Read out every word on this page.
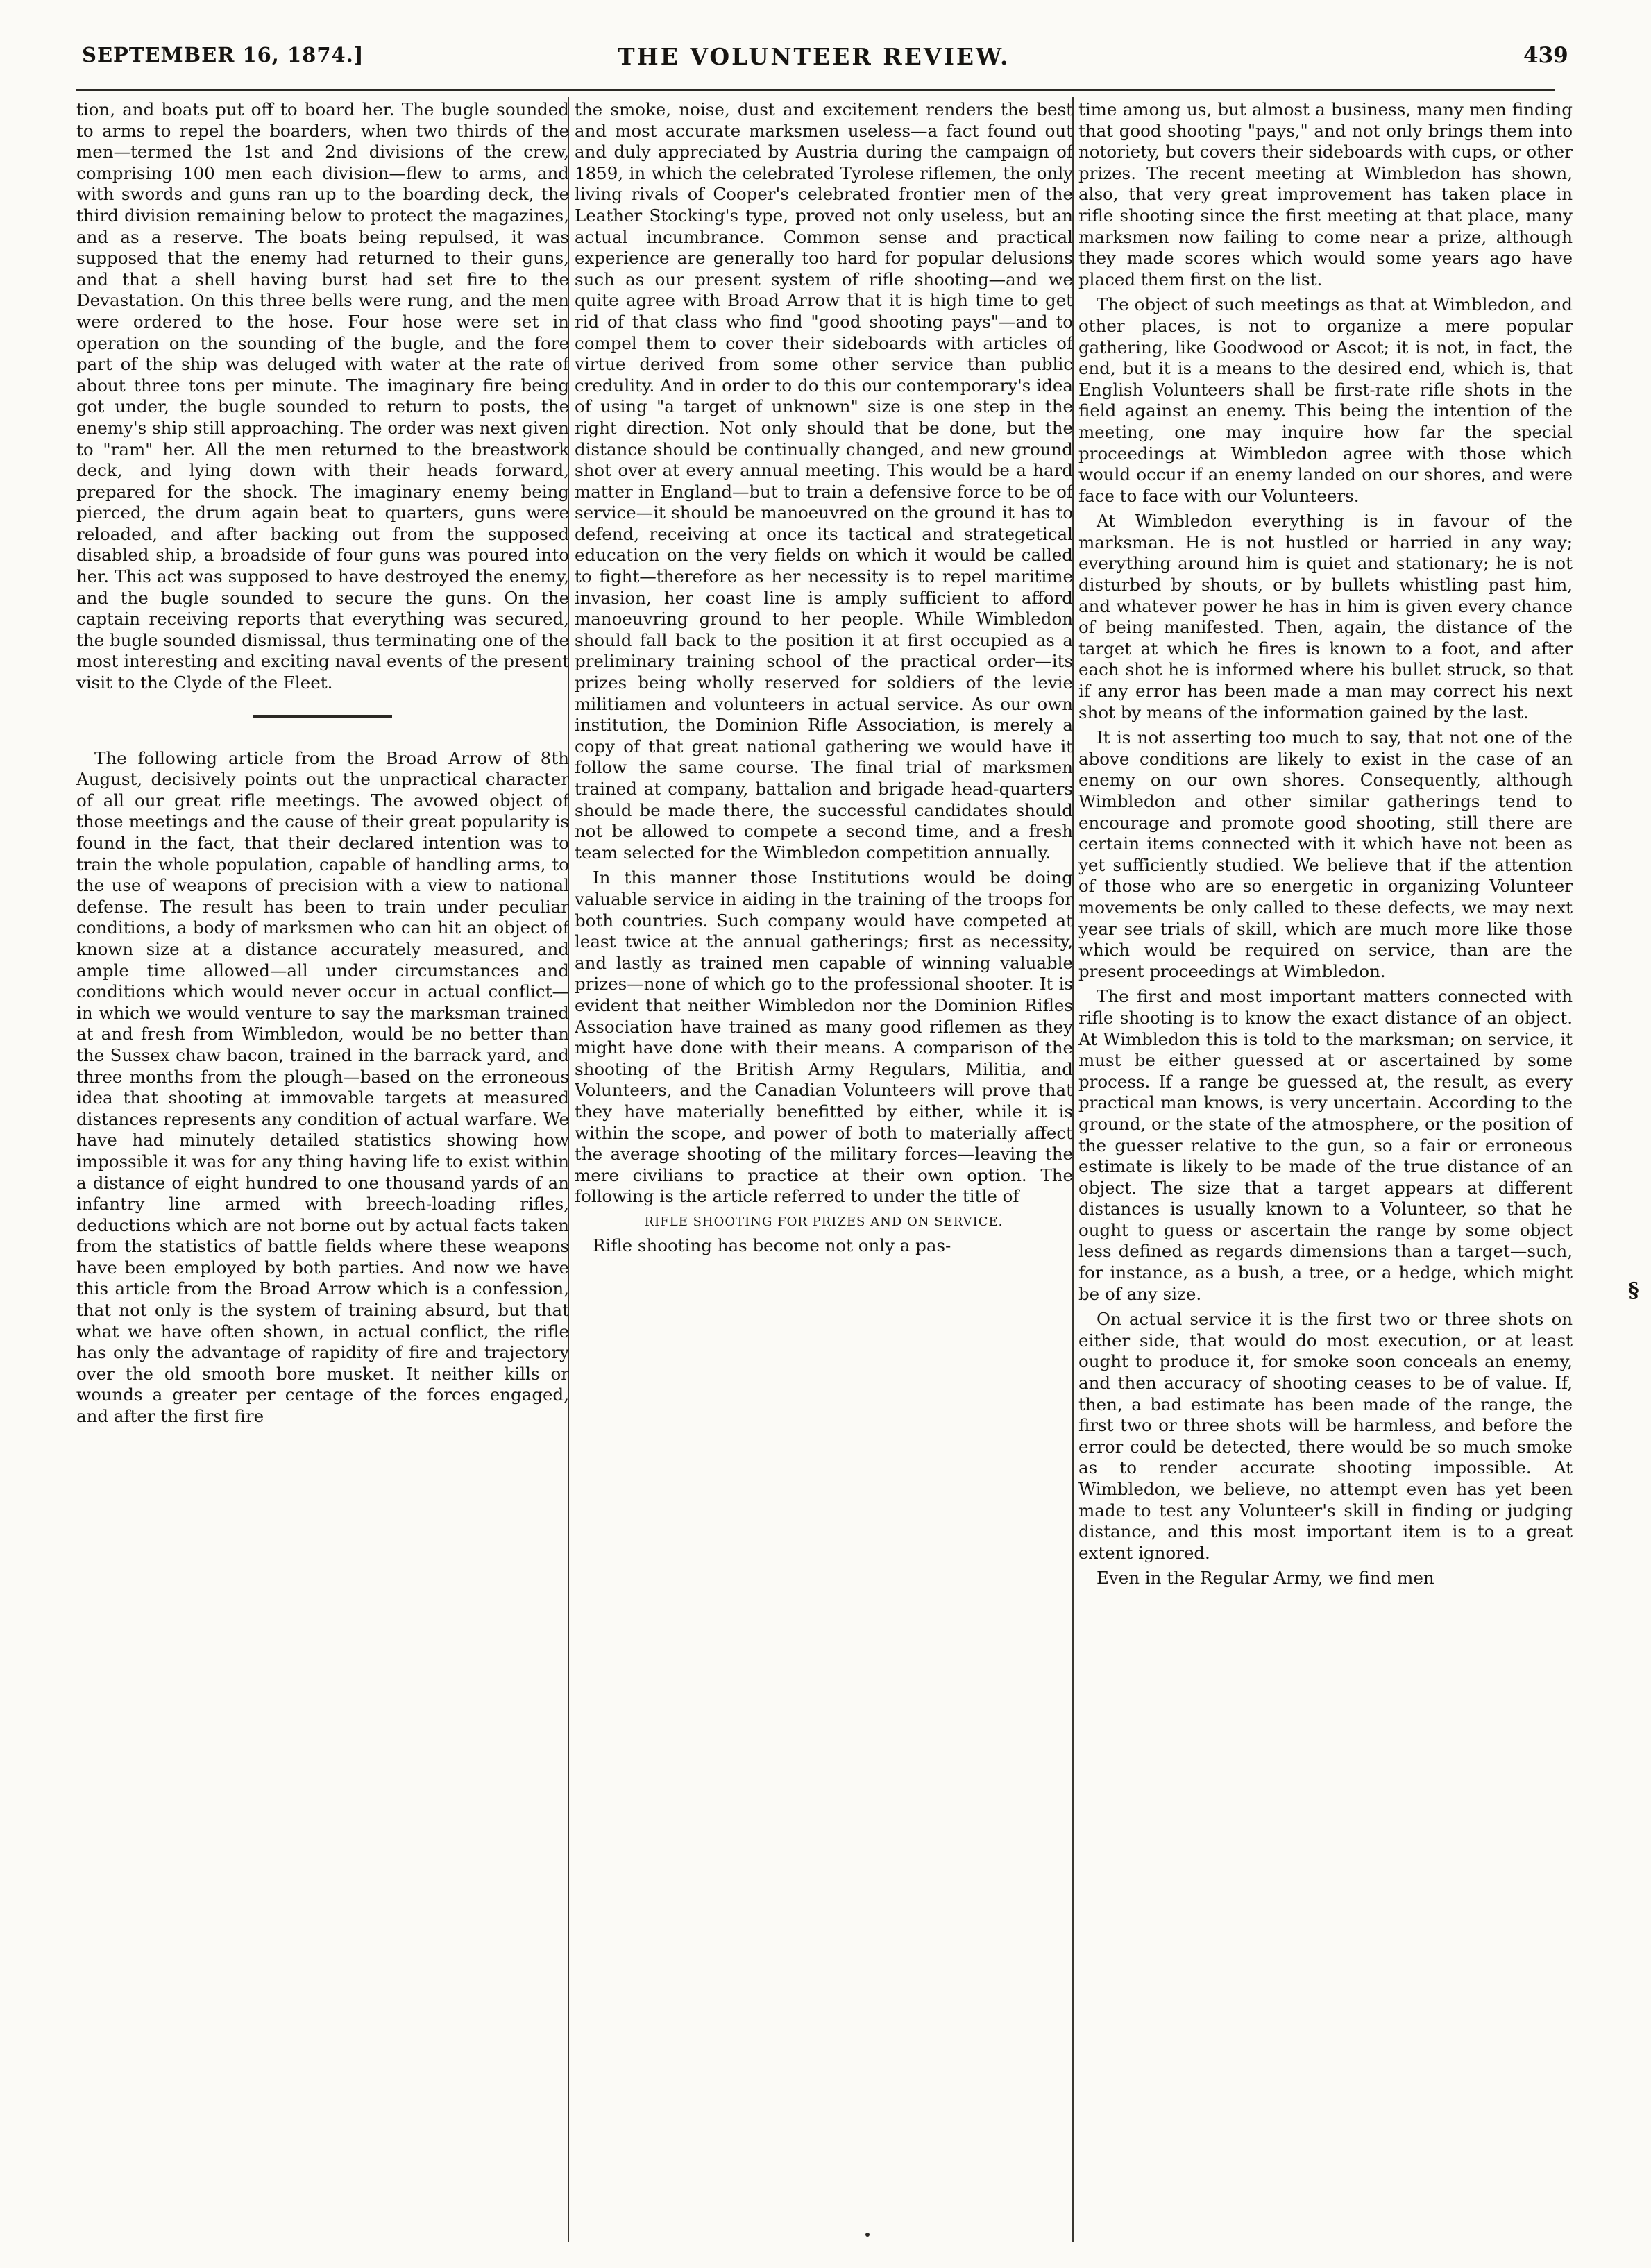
SEPTEMBER 16, 1874.]	THE VOLUNTEER REVIEW.	439

tion, and boats put off to board her. The bugle sounded to arms to repel the boarders, when two thirds of the men—termed the 1st and 2nd divisions of the crew, comprising 100 men each division—flew to arms, and with swords and guns ran up to the boarding deck, the third division remaining below to protect the magazines, and as a reserve. The boats being repulsed, it was supposed that the enemy had returned to their guns, and that a shell having burst had set fire to the Devastation. On this three bells were rung, and the men were ordered to the hose. Four hose were set in operation on the sounding of the bugle, and the fore part of the ship was deluged with water at the rate of about three tons per minute. The imaginary fire being got under, the bugle sounded to return to posts, the enemy's ship still approaching. The order was next given to "ram" her. All the men returned to the breastwork deck, and lying down with their heads forward, prepared for the shock. The imaginary enemy being pierced, the drum again beat to quarters, guns were reloaded, and after backing out from the supposed disabled ship, a broadside of four guns was poured into her. This act was supposed to have destroyed the enemy, and the bugle sounded to secure the guns. On the captain receiving reports that everything was secured, the bugle sounded dismissal, thus terminating one of the most interesting and exciting naval events of the present visit to the Clyde of the Fleet.

The following article from the Broad Arrow of 8th August, decisively points out the unpractical character of all our great rifle meetings. The avowed object of those meetings and the cause of their great popularity is found in the fact, that their declared intention was to train the whole population, capable of handling arms, to the use of weapons of precision with a view to national defense. The result has been to train under peculiar conditions, a body of marksmen who can hit an object of known size at a distance accurately measured, and ample time allowed—all under circumstances and conditions which would never occur in actual conflict—in which we would venture to say the marksman trained at and fresh from Wimbledon, would be no better than the Sussex chaw bacon, trained in the barrack yard, and three months from the plough—based on the erroneous idea that shooting at immovable targets at measured distances represents any condition of actual warfare. We have had minutely detailed statistics showing how impossible it was for any thing having life to exist within a distance of eight hundred to one thousand yards of an infantry line armed with breech-loading rifles, deductions which are not borne out by actual facts taken from the statistics of battle fields where these weapons have been employed by both parties. And now we have this article from the Broad Arrow which is a confession, that not only is the system of training absurd, but that what we have often shown, in actual conflict, the rifle has only the advantage of rapidity of fire and trajectory over the old smooth bore musket. It neither kills or wounds a greater per centage of the forces engaged, and after the first fire

the smoke, noise, dust and excitement renders the best and most accurate marksmen useless—a fact found out and duly appreciated by Austria during the campaign of 1859, in which the celebrated Tyrolese riflemen, the only living rivals of Cooper's celebrated frontier men of the Leather Stocking's type, proved not only useless, but an actual incumbrance. Common sense and practical experience are generally too hard for popular delusions such as our present system of rifle shooting—and we quite agree with Broad Arrow that it is high time to get rid of that class who find "good shooting pays"—and to compel them to cover their sideboards with articles of virtue derived from some other service than public credulity. And in order to do this our contemporary's idea of using "a target of unknown" size is one step in the right direction. Not only should that be done, but the distance should be continually changed, and new ground shot over at every annual meeting. This would be a hard matter in England—but to train a defensive force to be of service—it should be manoeuvred on the ground it has to defend, receiving at once its tactical and strategetical education on the very fields on which it would be called to fight—therefore as her necessity is to repel maritime invasion, her coast line is amply sufficient to afford manoeuvring ground to her people. While Wimbledon should fall back to the position it at first occupied as a preliminary training school of the practical order—its prizes being wholly reserved for soldiers of the levie militiamen and volunteers in actual service. As our own institution, the Dominion Rifle Association, is merely a copy of that great national gathering we would have it follow the same course. The final trial of marksmen trained at company, battalion and brigade head-quarters should be made there, the successful candidates should not be allowed to compete a second time, and a fresh team selected for the Wimbledon competition annually.

In this manner those Institutions would be doing valuable service in aiding in the training of the troops for both countries. Such company would have competed at least twice at the annual gatherings; first as necessity, and lastly as trained men capable of winning valuable prizes—none of which go to the professional shooter. It is evident that neither Wimbledon nor the Dominion Rifles Association have trained as many good riflemen as they might have done with their means. A comparison of the shooting of the British Army Regulars, Militia, and Volunteers, and the Canadian Volunteers will prove that they have materially benefitted by either, while it is within the scope, and power of both to materially affect the average shooting of the military forces—leaving the mere civilians to practice at their own option. The following is the article referred to under the title of

RIFLE SHOOTING FOR PRIZES AND ON SERVICE.

Rifle shooting has become not only a pas-

time among us, but almost a business, many men finding that good shooting "pays," and not only brings them into notoriety, but covers their sideboards with cups, or other prizes. The recent meeting at Wimbledon has shown, also, that very great improvement has taken place in rifle shooting since the first meeting at that place, many marksmen now failing to come near a prize, although they made scores which would some years ago have placed them first on the list.

The object of such meetings as that at Wimbledon, and other places, is not to organize a mere popular gathering, like Goodwood or Ascot; it is not, in fact, the end, but it is a means to the desired end, which is, that English Volunteers shall be first-rate rifle shots in the field against an enemy. This being the intention of the meeting, one may inquire how far the special proceedings at Wimbledon agree with those which would occur if an enemy landed on our shores, and were face to face with our Volunteers.

At Wimbledon everything is in favour of the marksman. He is not hustled or harried in any way; everything around him is quiet and stationary; he is not disturbed by shouts, or by bullets whistling past him, and whatever power he has in him is given every chance of being manifested. Then, again, the distance of the target at which he fires is known to a foot, and after each shot he is informed where his bullet struck, so that if any error has been made a man may correct his next shot by means of the information gained by the last.

It is not asserting too much to say, that not one of the above conditions are likely to exist in the case of an enemy on our own shores. Consequently, although Wimbledon and other similar gatherings tend to encourage and promote good shooting, still there are certain items connected with it which have not been as yet sufficiently studied. We believe that if the attention of those who are so energetic in organizing Volunteer movements be only called to these defects, we may next year see trials of skill, which are much more like those which would be required on service, than are the present proceedings at Wimbledon.

The first and most important matters connected with rifle shooting is to know the exact distance of an object. At Wimbledon this is told to the marksman; on service, it must be either guessed at or ascertained by some process. If a range be guessed at, the result, as every practical man knows, is very uncertain. According to the ground, or the state of the atmosphere, or the position of the guesser relative to the gun, so a fair or erroneous estimate is likely to be made of the true distance of an object. The size that a target appears at different distances is usually known to a Volunteer, so that he ought to guess or ascertain the range by some object less defined as regards dimensions than a target—such, for instance, as a bush, a tree, or a hedge, which might be of any size.

On actual service it is the first two or three shots on either side, that would do most execution, or at least ought to produce it, for smoke soon conceals an enemy, and then accuracy of shooting ceases to be of value. If, then, a bad estimate has been made of the range, the first two or three shots will be harmless, and before the error could be detected, there would be so much smoke as to render accurate shooting impossible. At Wimbledon, we believe, no attempt even has yet been made to test any Volunteer's skill in finding or judging distance, and this most important item is to a great extent ignored.

Even in the Regular Army, we find men

§
